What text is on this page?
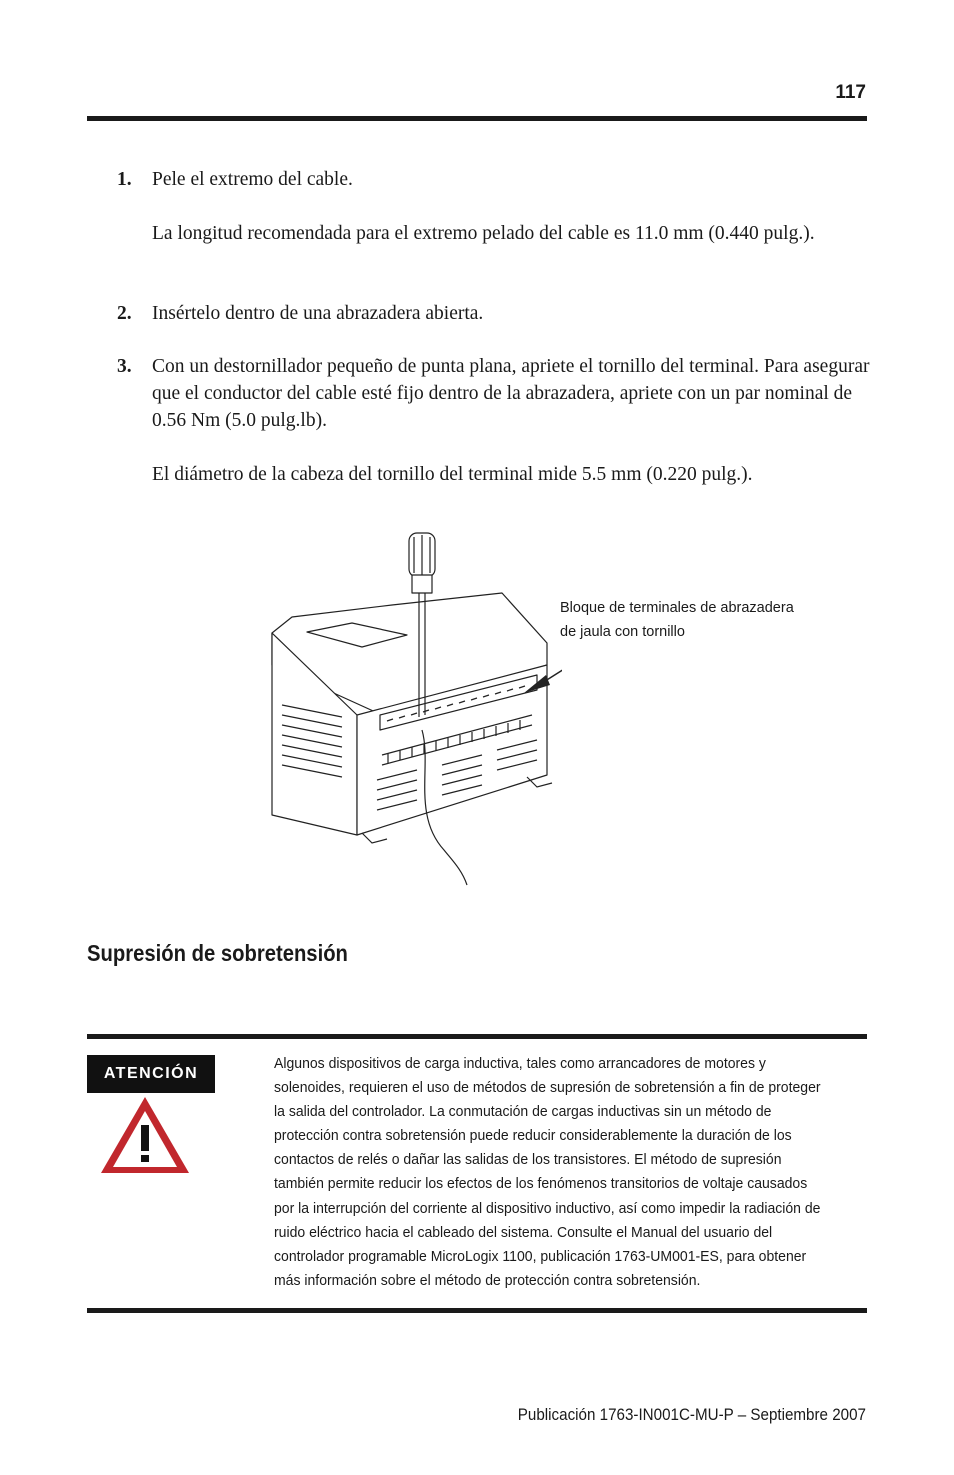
117
1. Pele el extremo del cable.
La longitud recomendada para el extremo pelado del cable es 11.0 mm (0.440 pulg.).
2. Insértelo dentro de una abrazadera abierta.
3. Con un destornillador pequeño de punta plana, apriete el tornillo del terminal. Para asegurar que el conductor del cable esté fijo dentro de la abrazadera, apriete con un par nominal de 0.56 Nm (5.0 pulg.lb).
El diámetro de la cabeza del tornillo del terminal mide 5.5 mm (0.220 pulg.).
Bloque de terminales de abrazadera
de jaula con tornillo
Supresión de sobretensión
ATENCIÓN
Algunos dispositivos de carga inductiva, tales como arrancadores de motores y solenoides, requieren el uso de métodos de supresión de sobretensión a fin de proteger la salida del controlador. La conmutación de cargas inductivas sin un método de protección contra sobretensión puede reducir considerablemente la duración de los contactos de relés o dañar las salidas de los transistores. El método de supresión también permite reducir los efectos de los fenómenos transitorios de voltaje causados por la interrupción del corriente al dispositivo inductivo, así como impedir la radiación de ruido eléctrico hacia el cableado del sistema. Consulte el Manual del usuario del controlador programable MicroLogix 1100, publicación 1763-UM001-ES, para obtener más información sobre el método de protección contra sobretensión.
Publicación 1763-IN001C-MU-P – Septiembre 2007
